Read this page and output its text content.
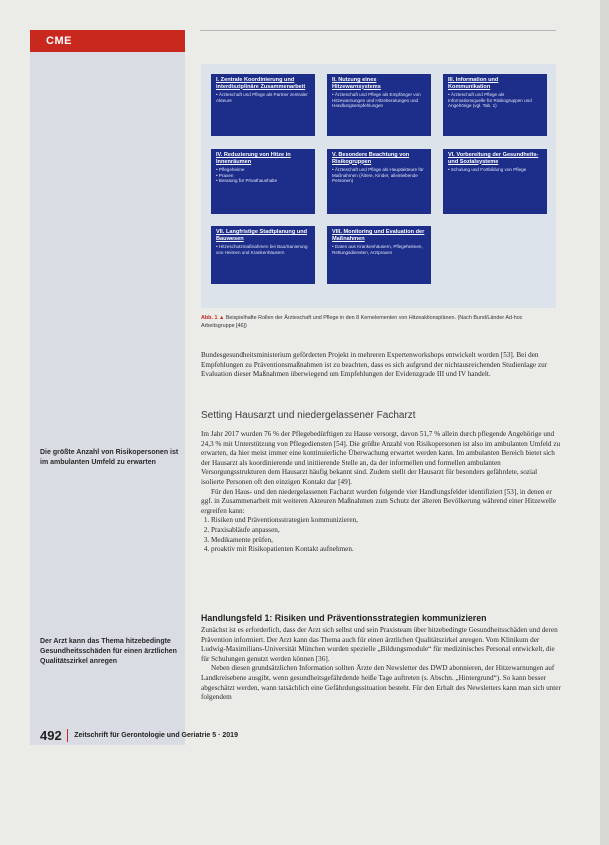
CME
I. Zentrale Koordinierung und interdisziplinäre Zusammenarbeit
• Ärzteschaft und Pflege als Partner zentraler Akteure
II. Nutzung eines Hitzewarnsystems
• Ärzteschaft und Pflege als Empfänger von Hitzewarnungen und Hitzeberatungen und Handlungsempfehlungen
III. Information und Kommunikation
• Ärzteschaft und Pflege als Informationsquelle für Risikogruppen und Angehörige (vgl. Tab. 1)
IV. Reduzierung von Hitze in Innenräumen
• Pflegeheime
• Praxen
• Beratung für Privathaushalte
V. Besondere Beachtung von Risikogruppen
• Ärzteschaft und Pflege als Hauptakteure für Maßnahmen (Ältere, Kinder, alleinlebende Personen)
VI. Vorbereitung der Gesundheits- und Sozialsysteme
• Schulung und Fortbildung von Pflege
VII. Langfristige Stadtplanung und Bauwesen
• Hitzeschutzmaßnahmen bei Bau/Sanierung von Heimen und Krankenhäusern
VIII. Monitoring und Evaluation der Maßnahmen
• Daten aus Krankenhäusern, Pflegeheimen, Rettungsdiensten, Arztpraxen
Abb. 1 ▲ Beispielhafte Rollen der Ärzteschaft und Pflege in den 8 Kernelementen von Hitzeaktionsplänen. (Nach Bund/Länder Ad-hoc Arbeitsgruppe [46])

Bundesgesundheitsministerium geförderten Projekt in mehreren Expertenworkshops entwickelt worden [53]. Bei den Empfehlungen zu Präventionsmaßnahmen ist zu beachten, dass es sich aufgrund der nichtausreichenden Studienlage zur Evaluation dieser Maßnahmen überwiegend um Empfehlungen der Evidenzgrade III und IV handelt.

Setting Hausarzt und niedergelassener Facharzt

Im Jahr 2017 wurden 76 % der Pflegebedürftigen zu Hause versorgt, davon 51,7 % allein durch pflegende Angehörige und 24,3 % mit Unterstützung von Pflegediensten [54]. Die größte Anzahl von Risikopersonen ist also im ambulanten Umfeld zu erwarten, da hier meist immer eine kontinuierliche Überwachung erwartet werden kann. Im ambulanten Bereich bietet sich der Hausarzt als koordinierende und initiierende Stelle an, da der informellen und formellen ambulanten Versorgungsstrukturen dem Hausarzt häufig bekannt sind. Zudem stellt der Hausarzt für besonders gefährdete, sozial isolierte Personen oft den einzigen Kontakt dar [49].

Für den Haus- und den niedergelassenen Facharzt wurden folgende vier Handlungsfelder identifiziert [53], in denen er ggf. in Zusammenarbeit mit weiteren Akteuren Maßnahmen zum Schutz der älteren Bevölkerung während einer Hitzewelle ergreifen kann:

1. Risiken und Präventionsstrategien kommunizieren,
2. Praxisabläufe anpassen,
3. Medikamente prüfen,
4. proaktiv mit Risikopatienten Kontakt aufnehmen.
Handlungsfeld 1: Risiken und Präventionsstrategien kommunizieren

Zunächst ist es erforderlich, dass der Arzt sich selbst und sein Praxisteam über hitzebedingte Gesundheitsschäden und deren Prävention informiert. Der Arzt kann das Thema auch für einen ärztlichen Qualitätszirkel anregen. Vom Klinikum der Ludwig-Maximilians-Universität München wurden spezielle „Bildungsmodule“ für medizinisches Personal entwickelt, die für Schulungen genutzt werden können [36].

Neben diesen grundsätzlichen Information sollten Ärzte den Newsletter des DWD abonnieren, der Hitzewarnungen auf Landkreisebene ausgibt, wenn gesundheitsgefährdende heiße Tage auftreten (s. Abschn. „Hintergrund“). So kann besser abgeschätzt werden, wann tatsächlich eine Gefährdungssituation besteht. Für den Erhalt des Newsletters kann man sich unter folgendem

Die größte Anzahl von Risikopersonen ist im ambulanten Umfeld zu erwarten
Der Arzt kann das Thema hitzebedingte Gesundheitsschäden für einen ärztlichen Qualitätszirkel anregen
492 Zeitschrift für Gerontologie und Geriatrie 5 · 2019
